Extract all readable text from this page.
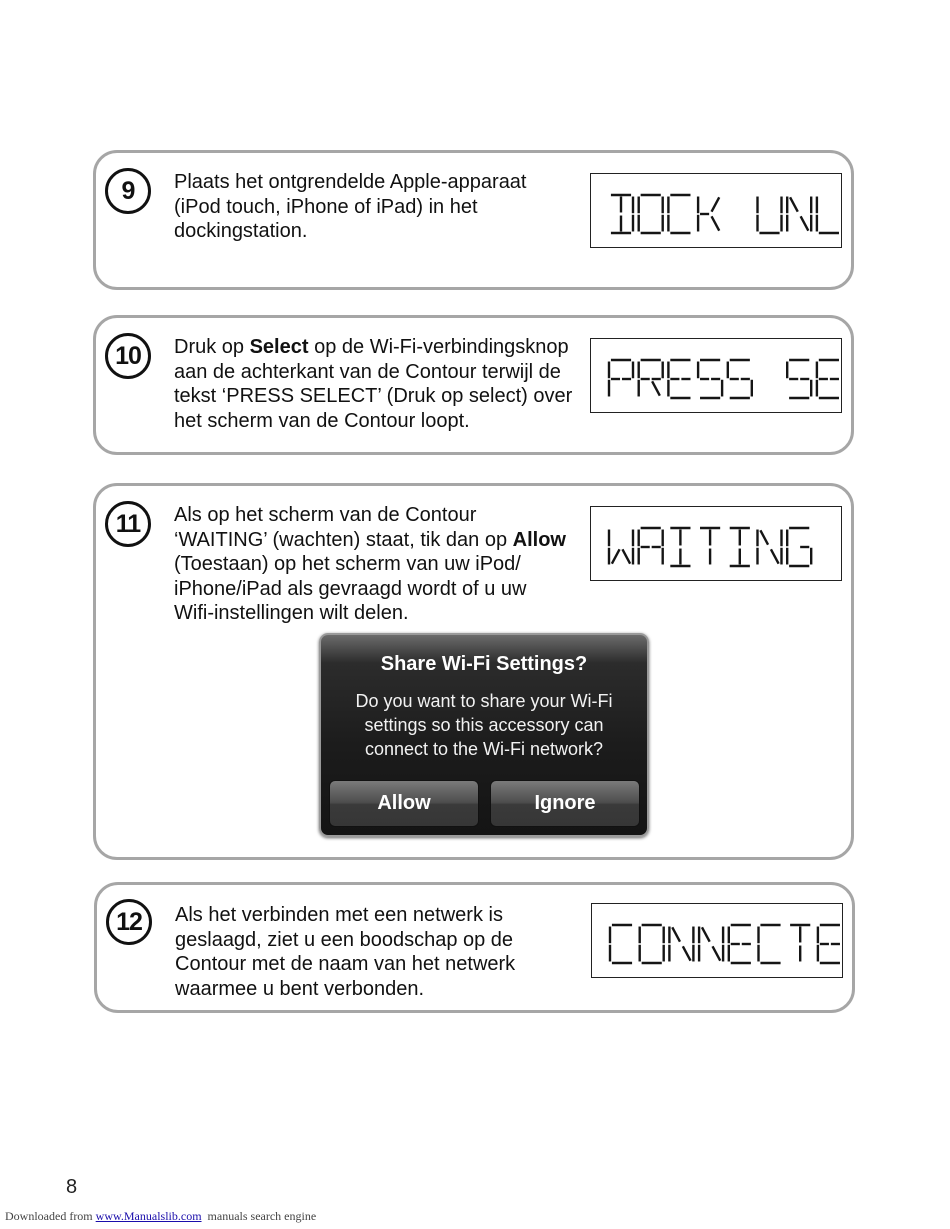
9	Plaats het ontgrendelde Apple-apparaat
(iPod touch, iPhone of iPad) in het
dockingstation.
10	Druk op Select op de Wi-Fi-verbindingsknop
aan de achterkant van de Contour terwijl de
tekst ‘PRESS SELECT’ (Druk op select) over
het scherm van de Contour loopt.
11	Als op het scherm van de Contour
‘WAITING’ (wachten) staat, tik dan op Allow
(Toestaan) op het scherm van uw iPod/
iPhone/iPad als gevraagd wordt of u uw
Wifi-instellingen wilt delen.
Share Wi-Fi Settings?
Do you want to share your Wi-Fi
settings so this accessory can
connect to the Wi-Fi network?
Allow	Ignore
12	Als het verbinden met een netwerk is
geslaagd, ziet u een boodschap op de
Contour met de naam van het netwerk
waarmee u bent verbonden.
8
Downloaded from www.Manualslib.com  manuals search engine
